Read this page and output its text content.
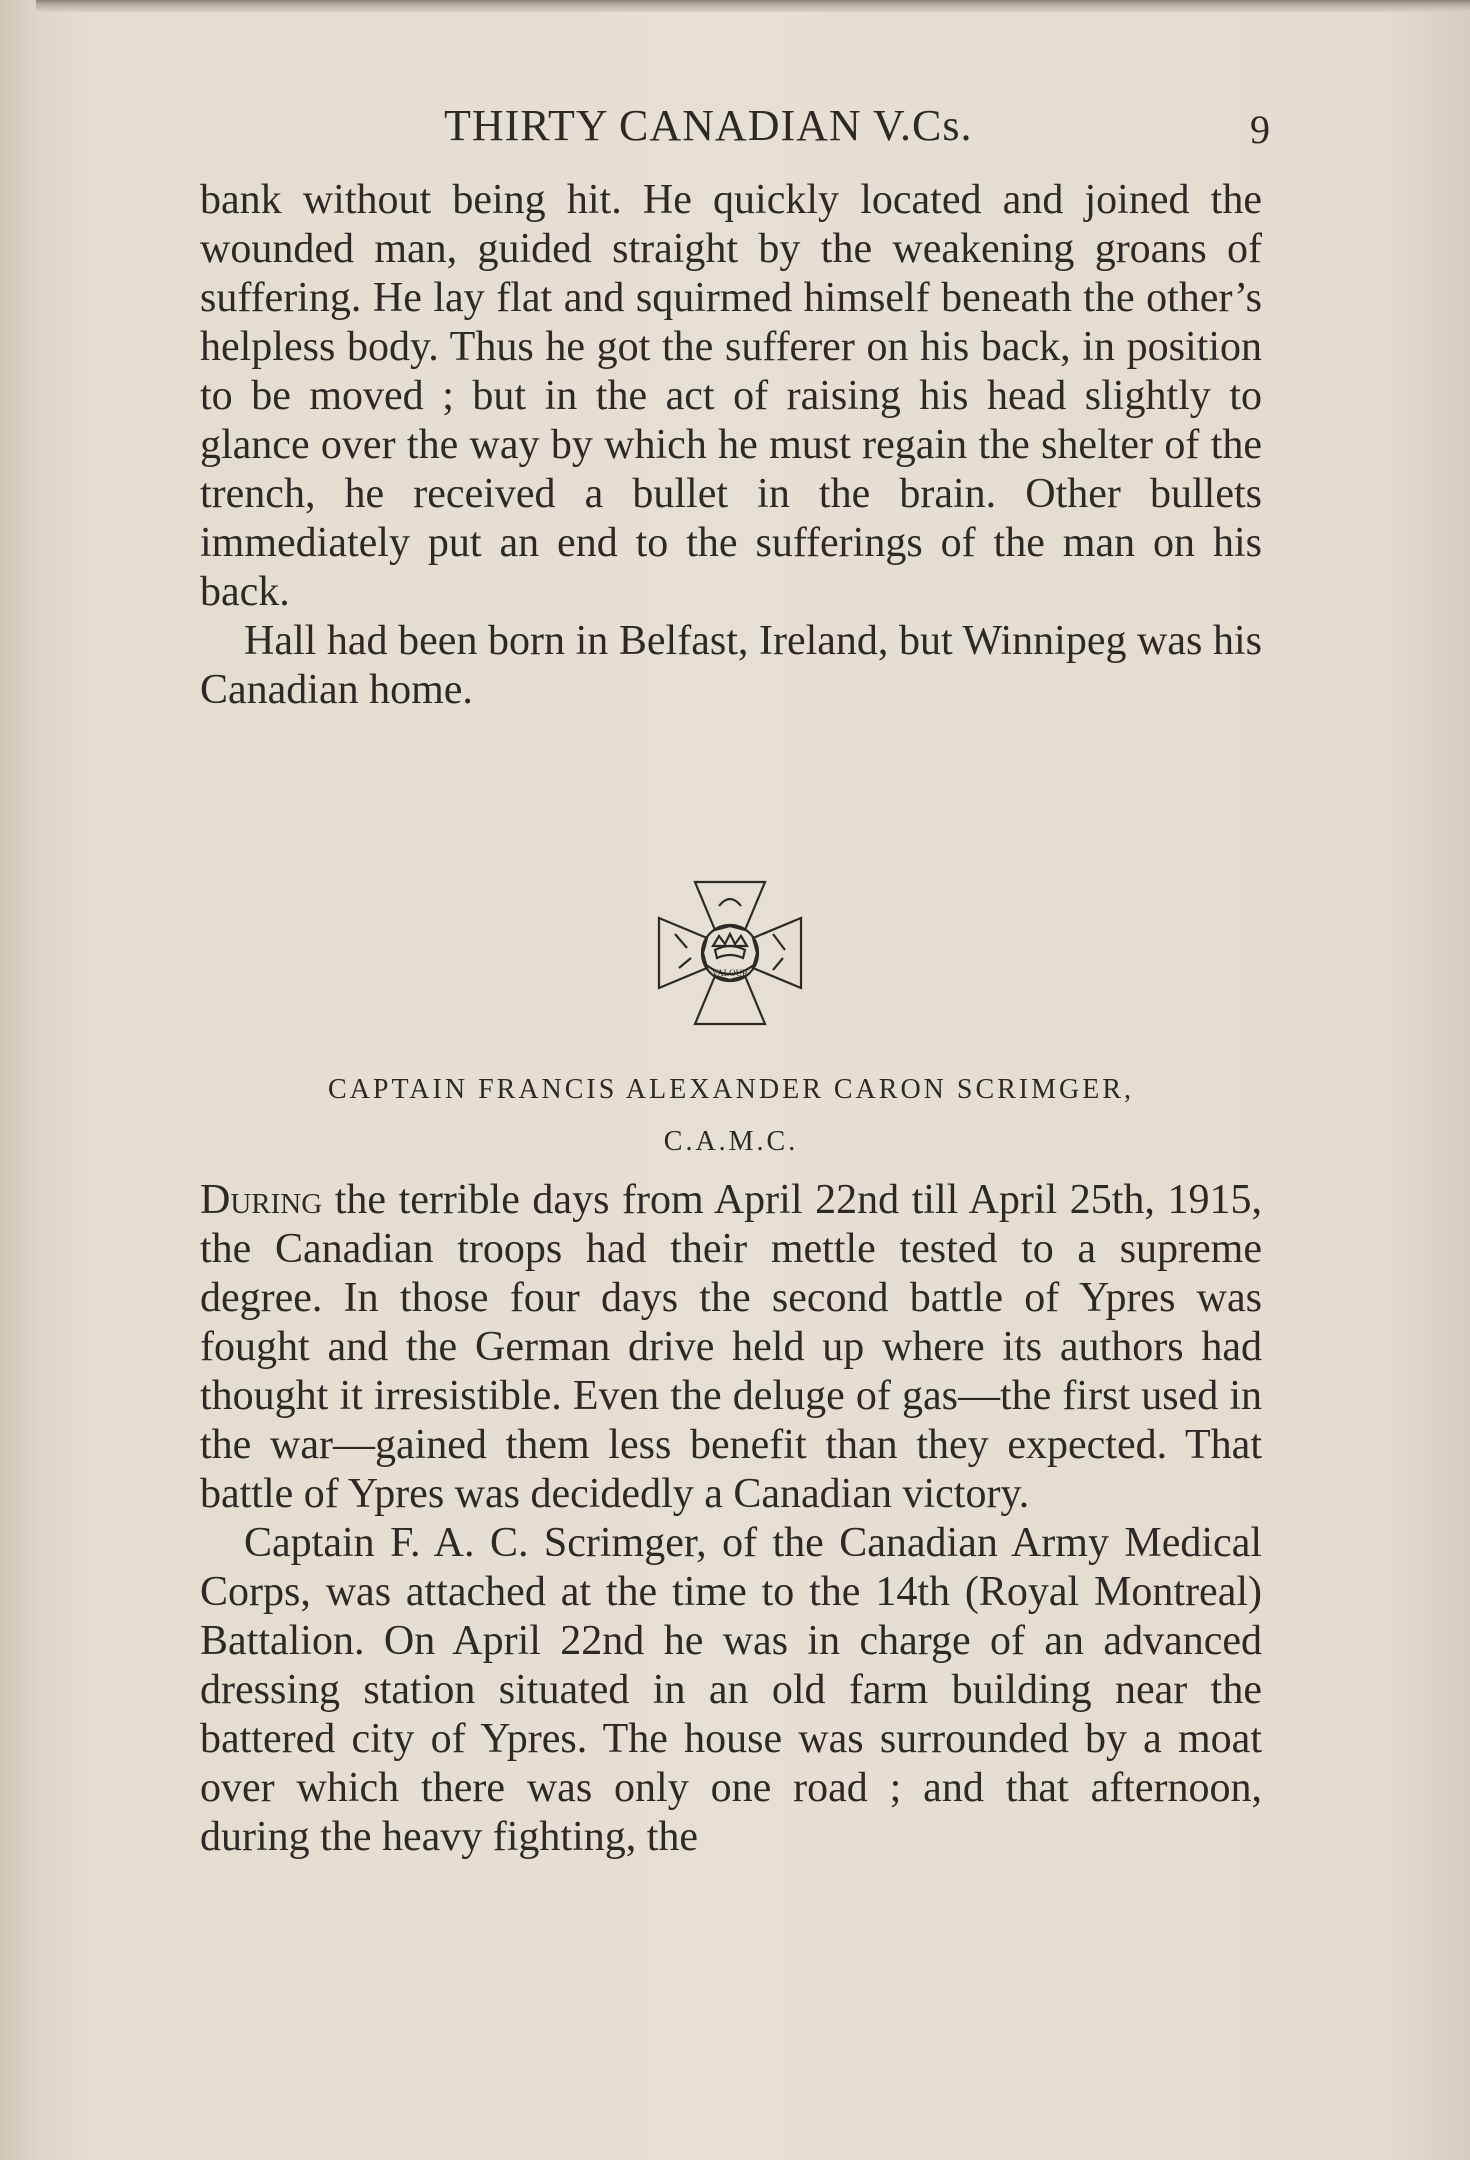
THIRTY CANADIAN V.Cs.	9

bank without being hit. He quickly located and joined the wounded man, guided straight by the weakening groans of suffering. He lay flat and squirmed himself beneath the other’s helpless body. Thus he got the sufferer on his back, in position to be moved ; but in the act of raising his head slightly to glance over the way by which he must regain the shelter of the trench, he received a bullet in the brain. Other bullets immediately put an end to the sufferings of the man on his back.

Hall had been born in Belfast, Ireland, but Winnipeg was his Canadian home.

VALOUR
CAPTAIN FRANCIS ALEXANDER CARON SCRIMGER,
C.A.M.C.

During the terrible days from April 22nd till April 25th, 1915, the Canadian troops had their mettle tested to a supreme degree. In those four days the second battle of Ypres was fought and the German drive held up where its authors had thought it irresistible. Even the deluge of gas—the first used in the war—gained them less benefit than they expected. That battle of Ypres was decidedly a Canadian victory.

Captain F. A. C. Scrimger, of the Canadian Army Medical Corps, was attached at the time to the 14th (Royal Montreal) Battalion. On April 22nd he was in charge of an advanced dressing station situated in an old farm building near the battered city of Ypres. The house was surrounded by a moat over which there was only one road ; and that afternoon, during the heavy fighting, the
